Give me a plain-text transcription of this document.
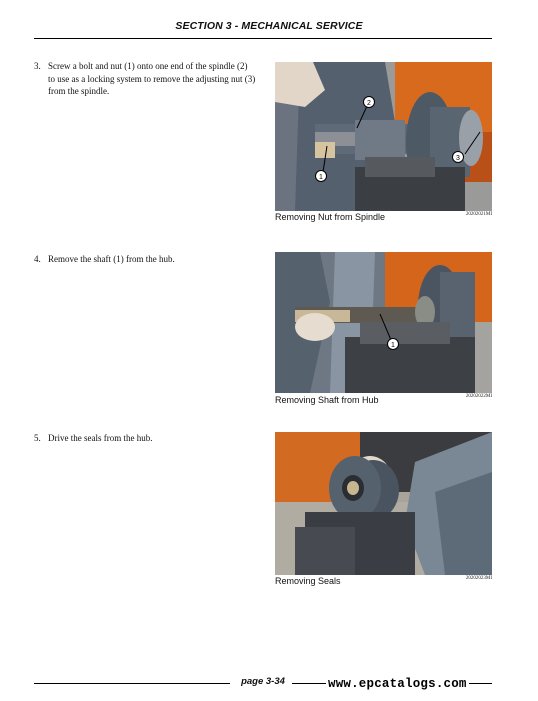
SECTION 3 - MECHANICAL SERVICE
3. Screw a bolt and nut (1) onto one end of the spindle (2) to use as a locking system to remove the adjusting nut (3) from the spindle.
1
2
3
Removing Nut from Spindle	20202021MI
4. Remove the shaft (1) from the hub.
1
Removing Shaft from Hub	20202022MI
5. Drive the seals from the hub.
Removing Seals	20202023MI
page 3-34	www.epcatalogs.com
